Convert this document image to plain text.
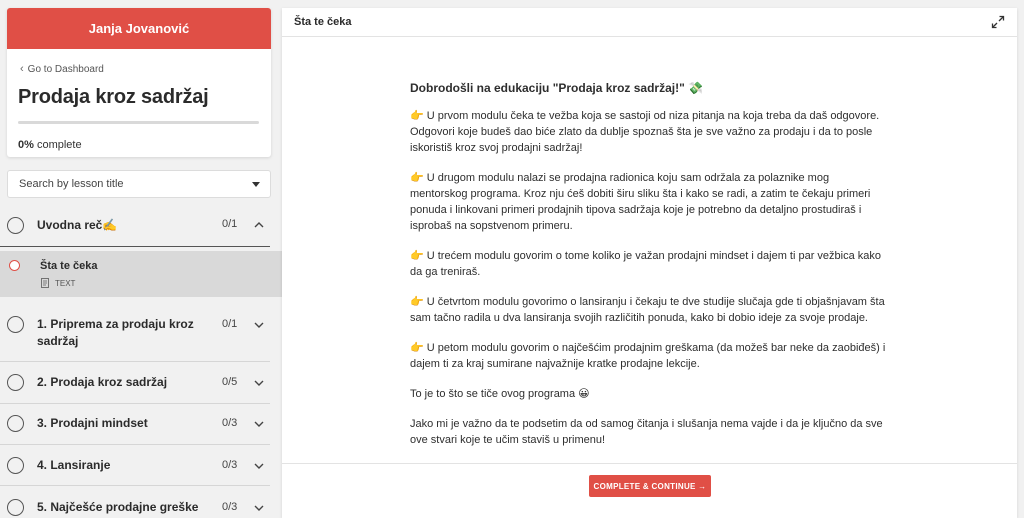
Janja Jovanović
‹ Go to Dashboard
Prodaja kroz sadržaj
0% complete
Search by lesson title
Uvodna reč✍️	0/1
Šta te čeka
TEXT
1. Priprema za prodaju kroz sadržaj
0/1
2. Prodaja kroz sadržaj	0/5
3. Prodajni mindset	0/3
4. Lansiranje	0/3
5. Najčešće prodajne greške	0/3
Šta te čeka
Dobrodošli na edukaciju "Prodaja kroz sadržaj!" 💸

👉 U prvom modulu čeka te vežba koja se sastoji od niza pitanja na koja treba da daš odgovore. Odgovori koje budeš dao biće zlato da dublje spoznaš šta je sve važno za prodaju i da to posle iskoristiš kroz svoj prodajni sadržaj!

👉 U drugom modulu nalazi se prodajna radionica koju sam održala za polaznike mog mentorskog programa. Kroz nju ćeš dobiti širu sliku šta i kako se radi, a zatim te čekaju primeri ponuda i linkovani primeri prodajnih tipova sadržaja koje je potrebno da detaljno prostudiraš i isprobaš na sopstvenom primeru.

👉 U trećem modulu govorim o tome koliko je važan prodajni mindset i dajem ti par vežbica kako da ga treniraš.

👉 U četvrtom modulu govorimo o lansiranju i čekaju te dve studije slučaja gde ti objašnjavam šta sam tačno radila u dva lansiranja svojih različitih ponuda, kako bi dobio ideje za svoje prodaje.

👉 U petom modulu govorim o najčešćim prodajnim greškama (da možeš bar neke da zaobiđeš) i dajem ti za kraj sumirane najvažnije kratke prodajne lekcije.

To je to što se tiče ovog programa 😀

Jako mi je važno da te podsetim da od samog čitanja i slušanja nema vajde i da je ključno da sve ove stvari koje te učim staviš u primenu!

COMPLETE & CONTINUE →
